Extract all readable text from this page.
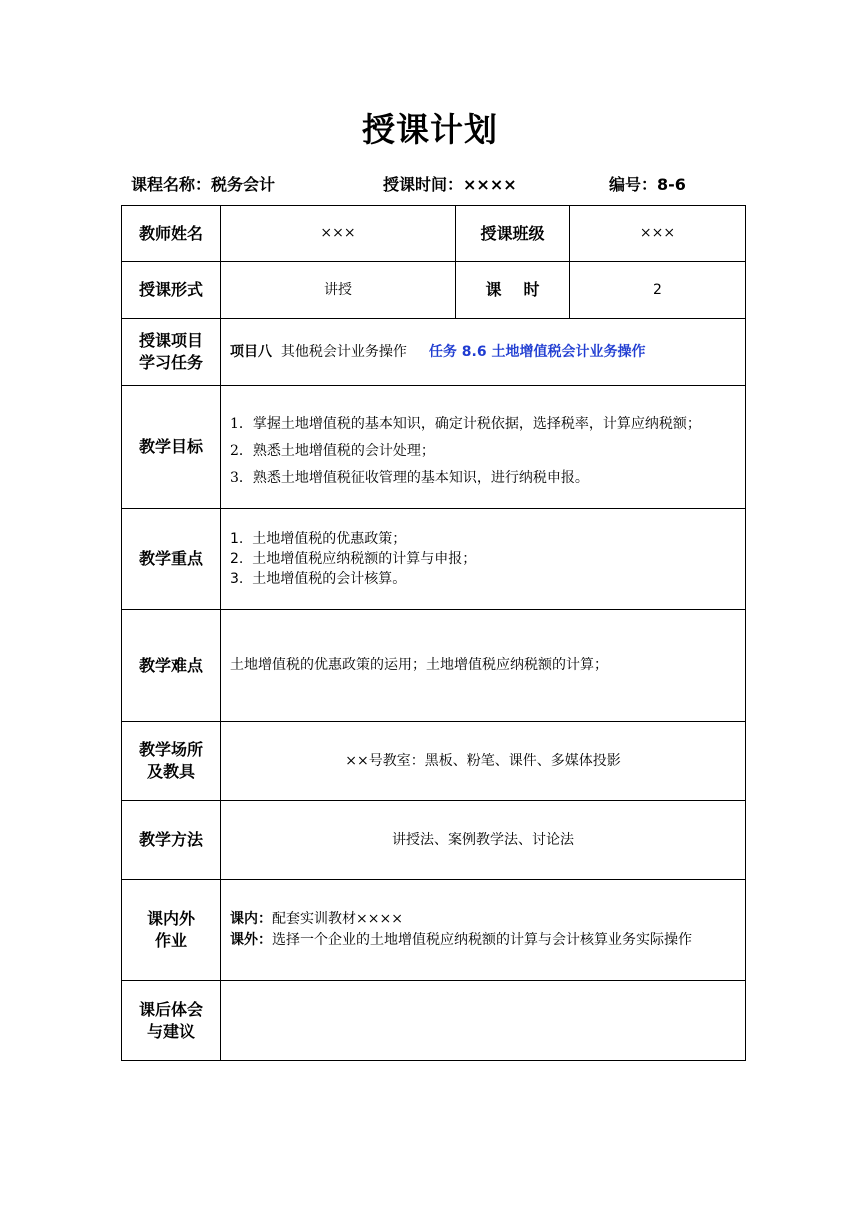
授课计划
课程名称：税务会计	授课时间：××××	编号：8-6
教师姓名	×××	授课班级	×××
授课形式	讲授	课 时	2

授课项目
学习任务	项目八 其他税会计业务操作 任务 8.6 土地增值税会计业务操作		
教学目标	1．掌握土地增值税的基本知识，确定计税依据，选择税率，计算应纳税额；
2．熟悉土地增值税的会计处理；
3．熟悉土地增值税征收管理的基本知识，进行纳税申报。		

教学重点	1. 土地增值税的优惠政策；
2. 土地增值税应纳税额的计算与申报；
3. 土地增值税的会计核算。		

教学难点	土地增值税的优惠政策的运用；土地增值税应纳税额的计算；		

教学场所
及教具	××号教室：黑板、粉笔、课件、多媒体投影		
教学方法	讲授法、案例教学法、讨论法		

课内外
作业	课内：配套实训教材××××
课外：选择一个企业的土地增值税应纳税额的计算与会计核算业务实际操作		

课后体会
与建议			
